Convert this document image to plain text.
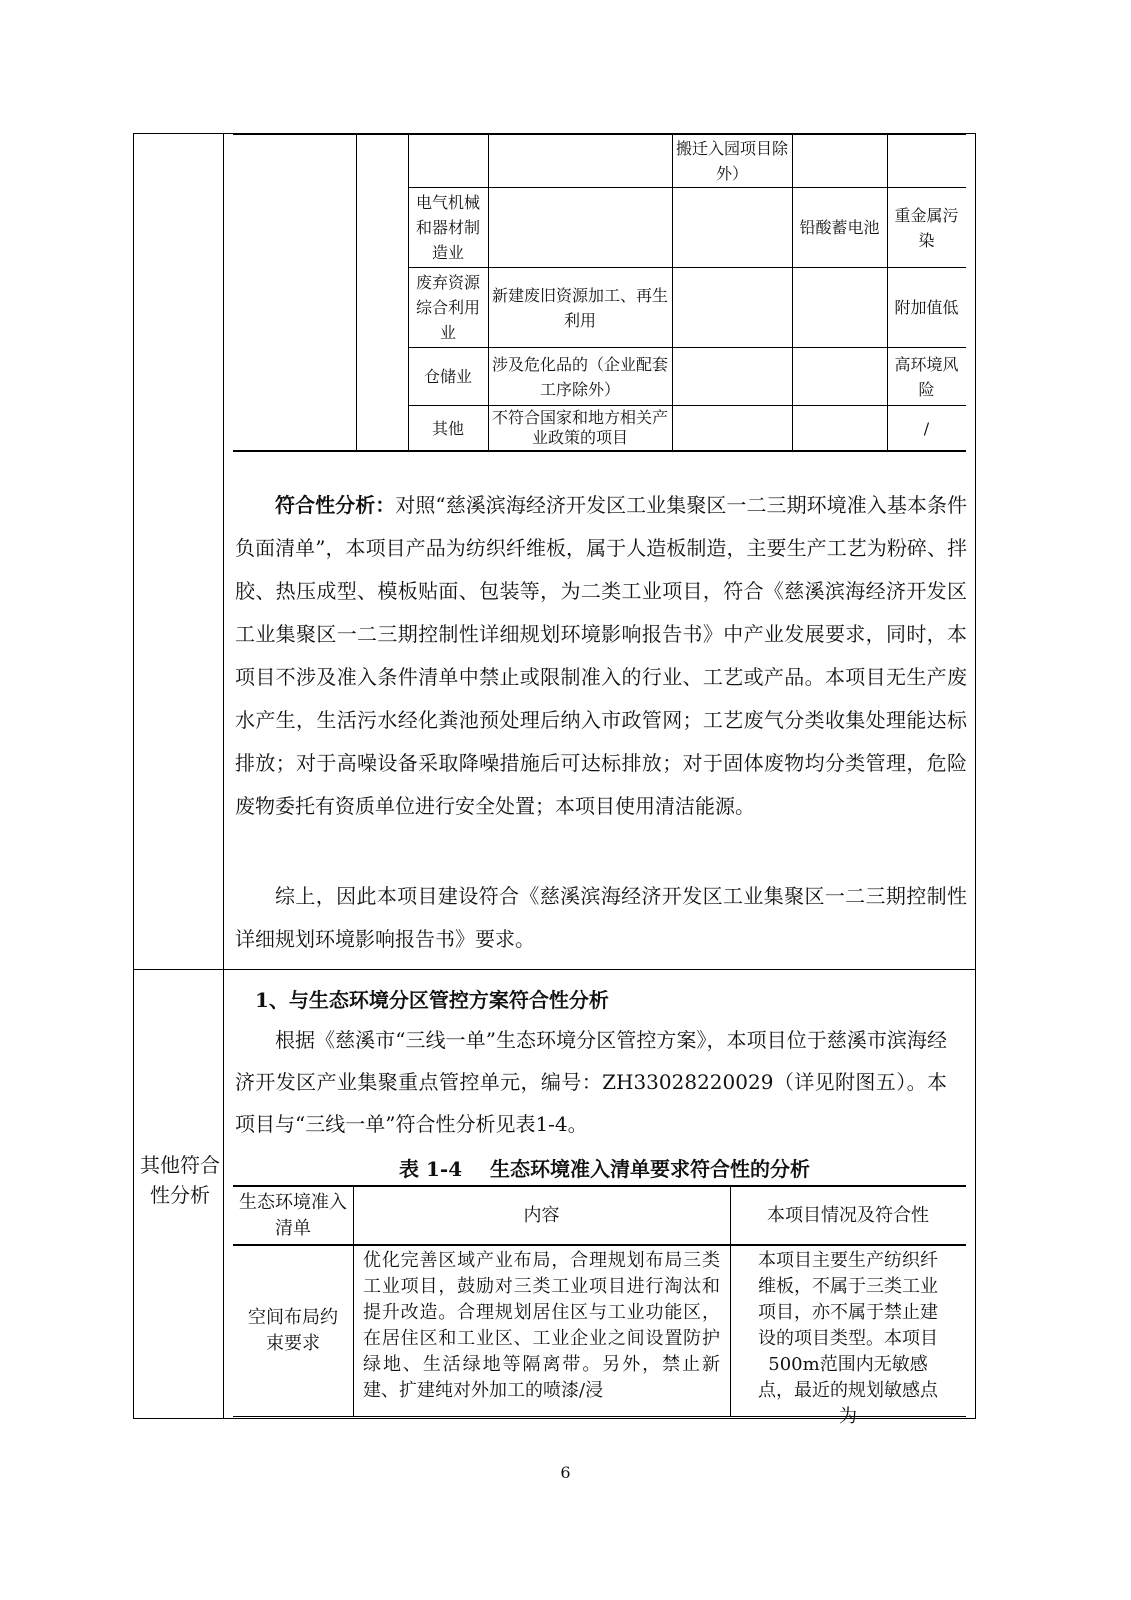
搬迁入园项目除外）
电气机械和器材制造业
铅酸蓄电池
重金属污染
废弃资源综合利用业
新建废旧资源加工、再生利用
附加值低
仓储业
涉及危化品的（企业配套工序除外）
高环境风险
其他
不符合国家和地方相关产业政策的项目	/

符合性分析：对照“慈溪滨海经济开发区工业集聚区一二三期环境准入基本条件负面清单”，本项目产品为纺织纤维板，属于人造板制造，主要生产工艺为粉碎、拌胶、热压成型、模板贴面、包装等，为二类工业项目，符合《慈溪滨海经济开发区工业集聚区一二三期控制性详细规划环境影响报告书》中产业发展要求，同时，本项目不涉及准入条件清单中禁止或限制准入的行业、工艺或产品。本项目无生产废水产生，生活污水经化粪池预处理后纳入市政管网；工艺废气分类收集处理能达标排放；对于高噪设备采取降噪措施后可达标排放；对于固体废物均分类管理，危险废物委托有资质单位进行安全处置；本项目使用清洁能源。

综上，因此本项目建设符合《慈溪滨海经济开发区工业集聚区一二三期控制性详细规划环境影响报告书》要求。

其他符合性分析
1、与生态环境分区管控方案符合性分析

根据《慈溪市“三线一单”生态环境分区管控方案》，本项目位于慈溪市滨海经济开发区产业集聚重点管控单元，编号：ZH33028220029（详见附图五）。本项目与“三线一单”符合性分析见表1-4。

表 1-4    生态环境准入清单要求符合性的分析
生态环境准入清单
内容	本项目情况及符合性
空间布局约束要求
优化完善区域产业布局，合理规划布局三类工业项目，鼓励对三类工业项目进行淘汰和提升改造。合理规划居住区与工业功能区，在居住区和工业区、工业企业之间设置防护绿地、生活绿地等隔离带。另外，禁止新建、扩建纯对外加工的喷漆/浸
本项目主要生产纺织纤维板，不属于三类工业项目，亦不属于禁止建设的项目类型。本项目500m范围内无敏感点，最近的规划敏感点为
6
